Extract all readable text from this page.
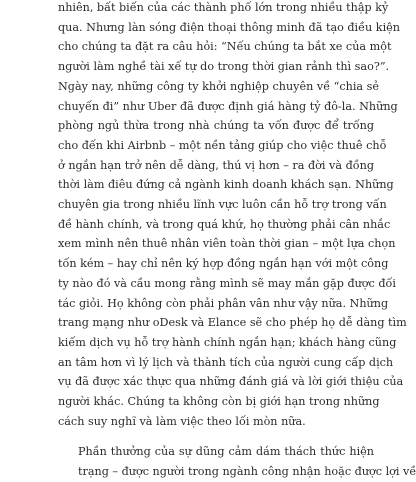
nhiên, bất biến của các thành phố lớn trong nhiều thập kỷ
qua. Nhưng làn sóng điện thoại thông minh đã tạo điều kiện
cho chúng ta đặt ra câu hỏi: “Nếu chúng ta bắt xe của một
người làm nghề tài xế tự do trong thời gian rảnh thì sao?”.
Ngày nay, những công ty khởi nghiệp chuyên về “chia sẻ
chuyến đi” như Uber đã được định giá hàng tỷ đô-la. Những
phòng ngủ thừa trong nhà chúng ta vốn được để trống
cho đến khi Airbnb – một nền tảng giúp cho việc thuê chỗ
ở ngắn hạn trở nên dễ dàng, thú vị hơn – ra đời và đồng
thời làm điêu đứng cả ngành kinh doanh khách sạn. Những
chuyên gia trong nhiều lĩnh vực luôn cần hỗ trợ trong vấn
đề hành chính, và trong quá khứ, họ thường phải cân nhắc
xem mình nên thuê nhân viên toàn thời gian – một lựa chọn
tốn kém – hay chỉ nên ký hợp đồng ngắn hạn với một công
ty nào đó và cầu mong rằng mình sẽ may mắn gặp được đối
tác giỏi. Họ không còn phải phân vân như vậy nữa. Những
trang mạng như oDesk và Elance sẽ cho phép họ dễ dàng tìm
kiếm dịch vụ hỗ trợ hành chính ngắn hạn; khách hàng cũng
an tâm hơn vì lý lịch và thành tích của người cung cấp dịch
vụ đã được xác thực qua những đánh giá và lời giới thiệu của
người khác. Chúng ta không còn bị giới hạn trong những
cách suy nghĩ và làm việc theo lối mòn nữa.

Phần thưởng của sự dũng cảm dám thách thức hiện
trạng – được người trong ngành công nhận hoặc được lợi về
